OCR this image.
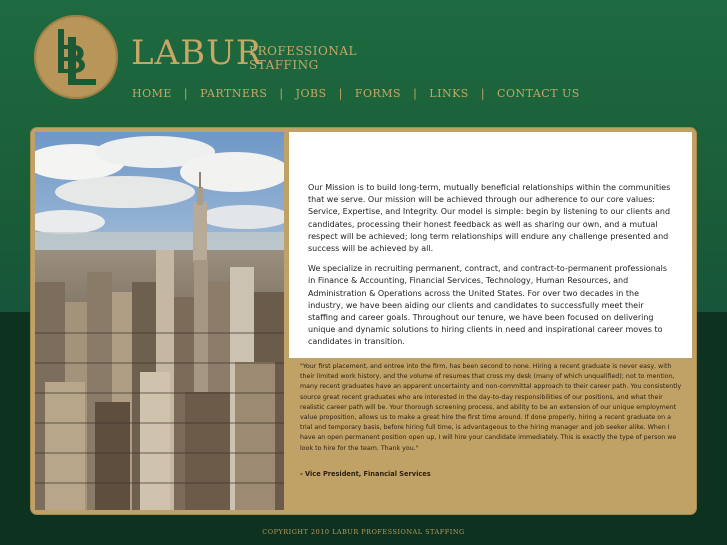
LABUR
PROFESSIONAL
STAFFING
HOME | PARTNERS | JOBS | FORMS | LINKS | CONTACT US

Our Mission is to build long-term, mutually beneficial relationships within the communities that we serve. Our mission will be achieved through our adherence to our core values: Service, Expertise, and Integrity. Our model is simple: begin by listening to our clients and candidates, processing their honest feedback as well as sharing our own, and a mutual respect will be achieved; long term relationships will endure any challenge presented and success will be achieved by all.

We specialize in recruiting permanent, contract, and contract-to-permanent professionals in Finance & Accounting, Financial Services, Technology, Human Resources, and Administration & Operations across the United States. For over two decades in the industry, we have been aiding our clients and candidates to successfully meet their staffing and career goals. Throughout our tenure, we have been focused on delivering unique and dynamic solutions to hiring clients in need and inspirational career moves to candidates in transition.

"Your first placement, and entree into the firm, has been second to none. Hiring a recent graduate is never easy, with their limited work history, and the volume of resumes that cross my desk (many of which unqualified); not to mention, many recent graduates have an apparent uncertainty and non-committal approach to their career path. You consistently source great recent graduates who are interested in the day-to-day responsibilities of our positions, and what their realistic career path will be. Your thorough screening process, and ability to be an extension of our unique employment value proposition, allows us to make a great hire the first time around. If done properly, hiring a recent graduate on a trial and temporary basis, before hiring full time, is advantageous to the hiring manager and job seeker alike. When I have an open permanent position open up, I will hire your candidate immediately. This is exactly the type of person we look to hire for the team. Thank you."
- Vice President, Financial Services
COPYRIGHT 2010 LABUR PROFESSIONAL STAFFING
